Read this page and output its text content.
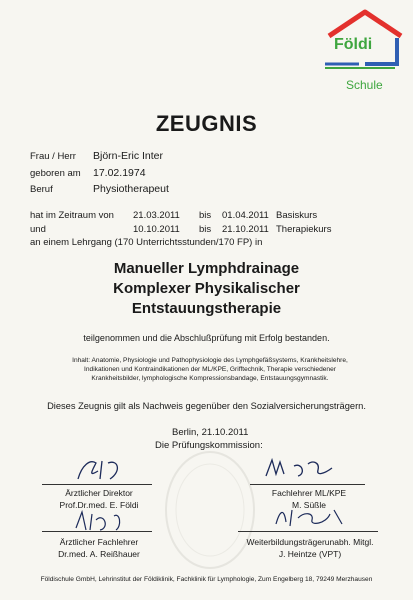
Földi
Schule
ZEUGNIS
Frau / Herr Björn-Eric Inter
geboren am 17.02.1974
Beruf	Physiotherapeut
hat im Zeitraum von 21.03.2011 bis 01.04.2011 Basiskurs
und	10.10.2011 bis 21.10.2011 Therapiekurs
an einem Lehrgang (170 Unterrichtsstunden/170 FP) in
Manueller Lymphdrainage
Komplexer Physikalischer
Entstauungstherapie
teilgenommen und die Abschlußprüfung mit Erfolg bestanden.
Inhalt: Anatomie, Physiologie und Pathophysiologie des Lymphgefäßsystems, Krankheitslehre,
Indikationen und Kontraindikationen der ML/KPE, Grifftechnik, Therapie verschiedener
Krankheitsbilder, lymphologische Kompressionsbandage, Entstauungsgymnastik.
Dieses Zeugnis gilt als Nachweis gegenüber den Sozialversicherungsträgern.
Berlin, 21.10.2011
Die Prüfungskommission:
Ärztlicher Direktor
Prof.Dr.med. E. Földi
Fachlehrer ML/KPE
M. Süßle
Ärztlicher Fachlehrer
Dr.med. A. Reißhauer
Weiterbildungsträgerunabh. Mitgl.
J. Heintze (VPT)
Földischule GmbH, Lehrinstitut der Földiklinik, Fachklinik für Lymphologie, Zum Engelberg 18, 79249 Merzhausen
